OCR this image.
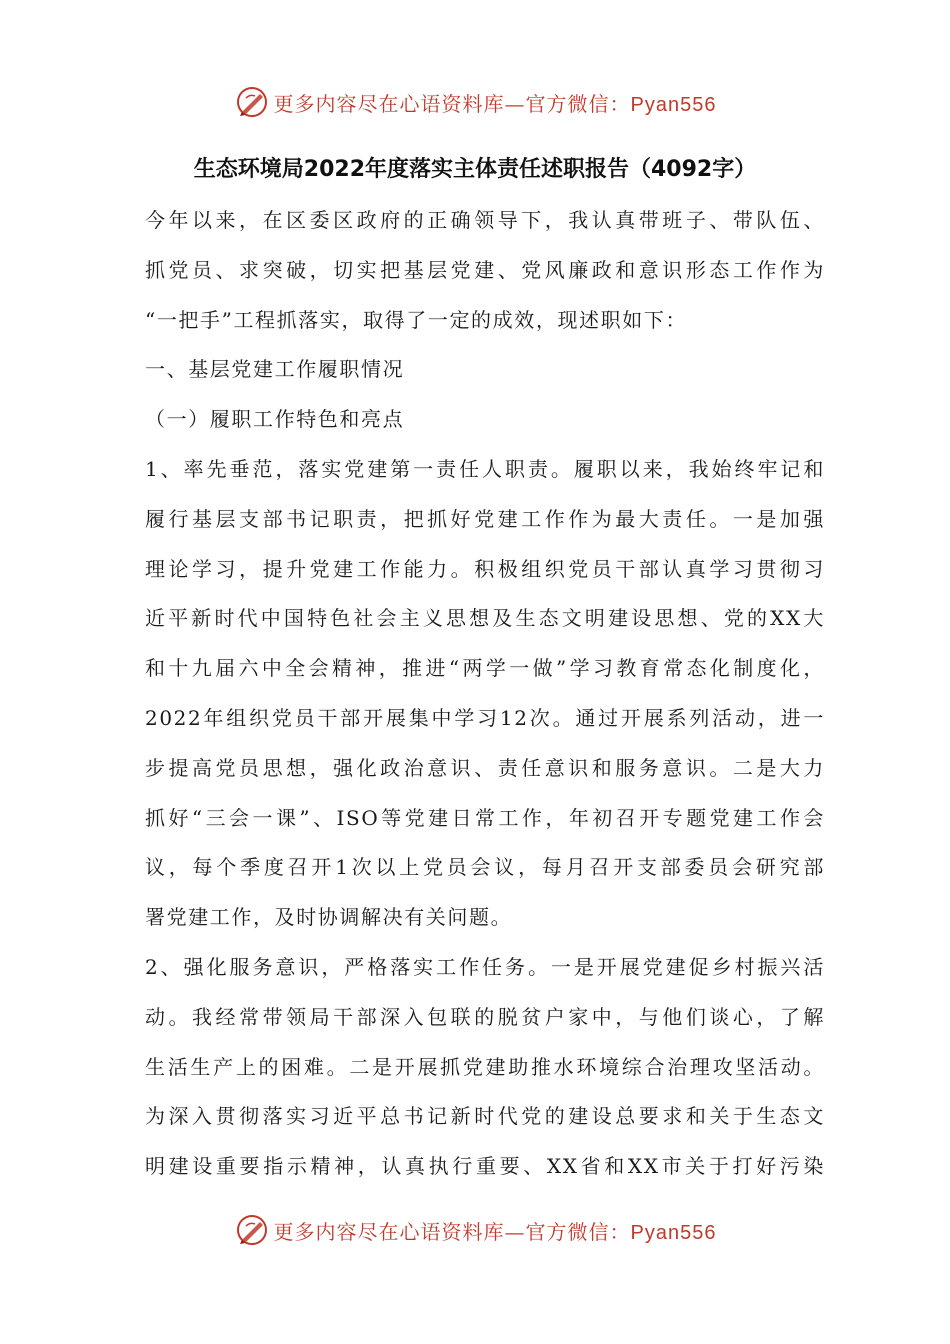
更多内容尽在心语资料库—官方微信：Pyan556
生态环境局2022年度落实主体责任述职报告（4092字）
今年以来，在区委区政府的正确领导下，我认真带班子、带队伍、
抓党员、求突破，切实把基层党建、党风廉政和意识形态工作作为
“一把手”工程抓落实，取得了一定的成效，现述职如下：
一、基层党建工作履职情况
（一）履职工作特色和亮点
1、率先垂范，落实党建第一责任人职责。履职以来，我始终牢记和
履行基层支部书记职责，把抓好党建工作作为最大责任。一是加强
理论学习，提升党建工作能力。积极组织党员干部认真学习贯彻习
近平新时代中国特色社会主义思想及生态文明建设思想、党的XX大
和十九届六中全会精神，推进“两学一做”学习教育常态化制度化，
2022年组织党员干部开展集中学习12次。通过开展系列活动，进一
步提高党员思想，强化政治意识、责任意识和服务意识。二是大力
抓好“三会一课”、ISO等党建日常工作，年初召开专题党建工作会
议，每个季度召开1次以上党员会议，每月召开支部委员会研究部
署党建工作，及时协调解决有关问题。
2、强化服务意识，严格落实工作任务。一是开展党建促乡村振兴活
动。我经常带领局干部深入包联的脱贫户家中，与他们谈心，了解
生活生产上的困难。二是开展抓党建助推水环境综合治理攻坚活动。
为深入贯彻落实习近平总书记新时代党的建设总要求和关于生态文
明建设重要指示精神，认真执行重要、XX省和XX市关于打好污染
更多内容尽在心语资料库—官方微信：Pyan556
